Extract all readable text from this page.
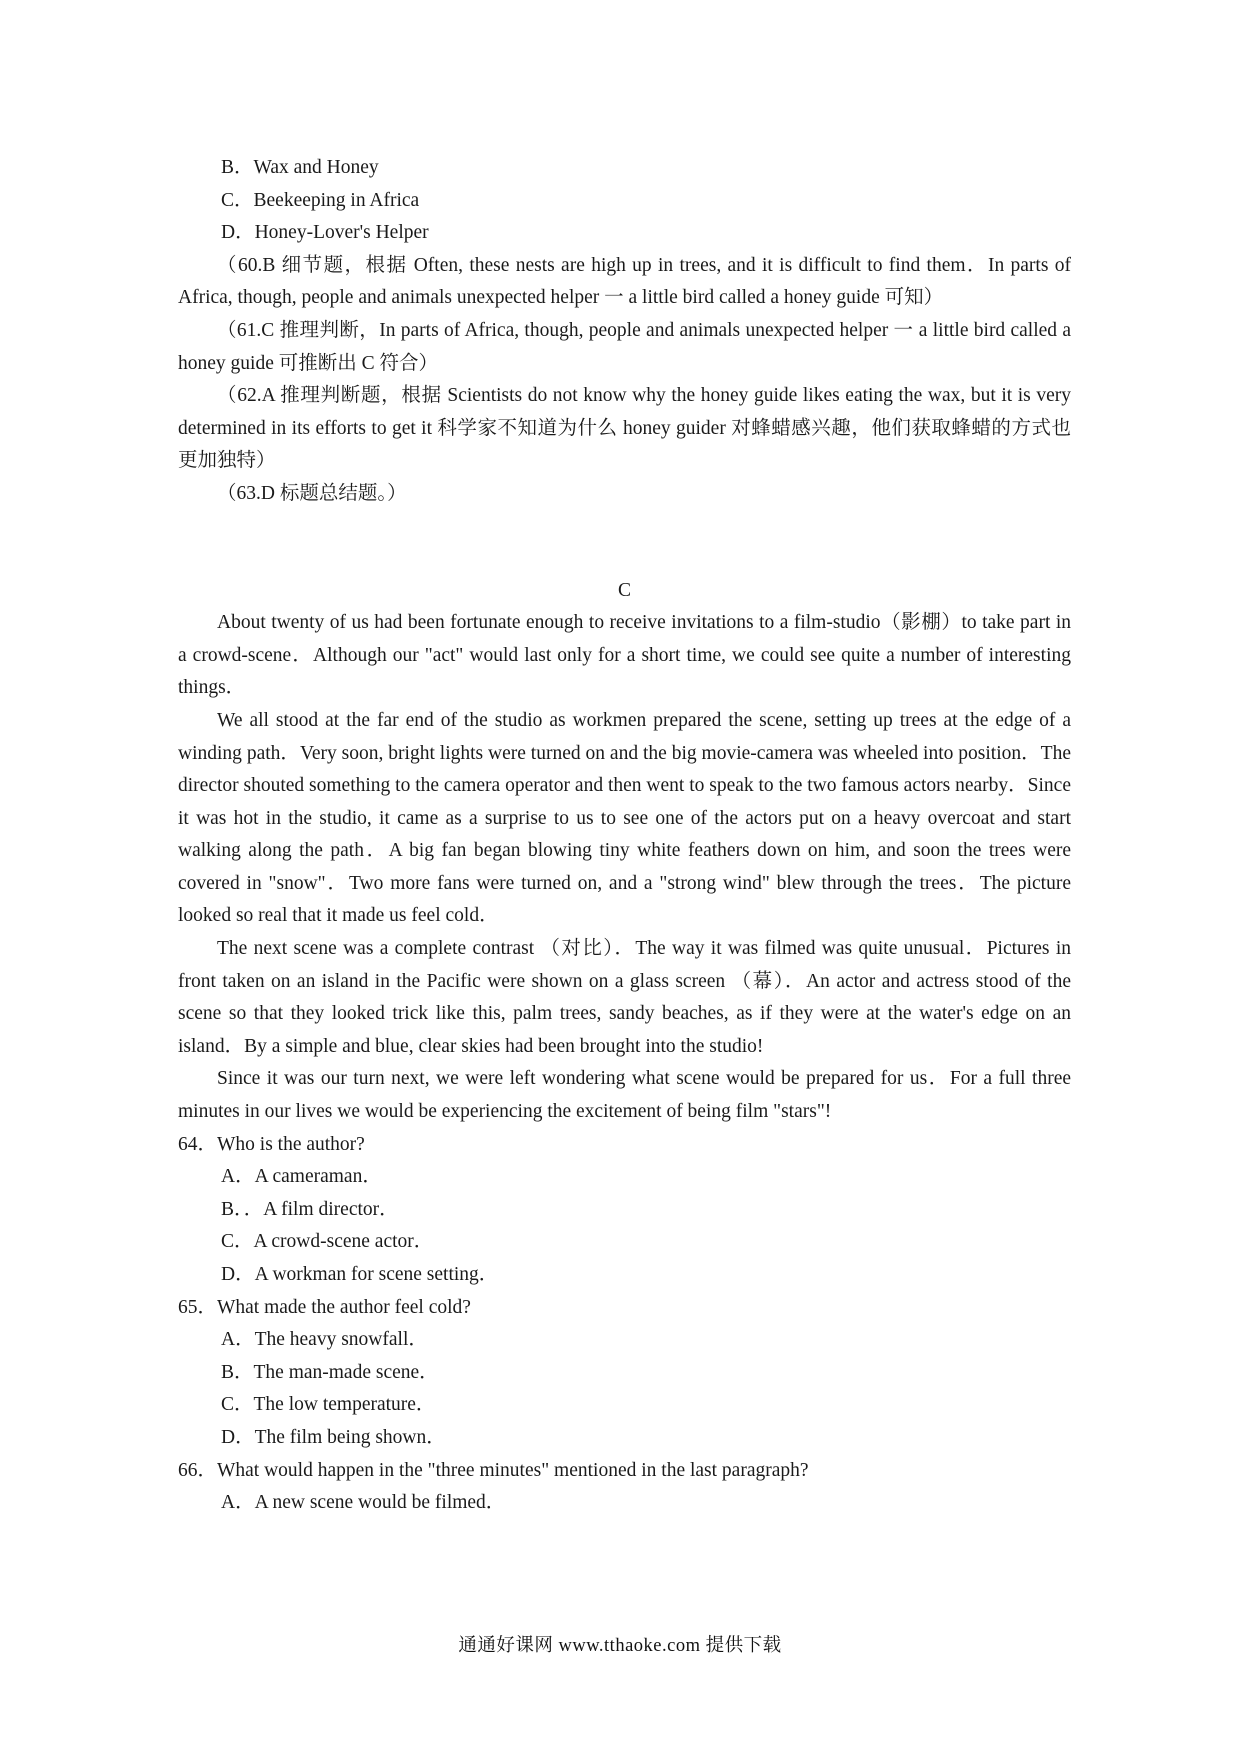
B．Wax and Honey
C．Beekeeping in Africa
D．Honey-Lover's Helper

（60.B 细节题，根据 Often, these nests are high up in trees, and it is difficult to find them．In parts of Africa, though, people and animals unexpected helper 一 a little bird called a honey guide 可知）

（61.C 推理判断，In parts of Africa, though, people and animals unexpected helper 一 a little bird called a honey guide 可推断出 C 符合）

（62.A 推理判断题，根据 Scientists do not know why the honey guide likes eating the wax, but it is very determined in its efforts to get it 科学家不知道为什么 honey guider 对蜂蜡感兴趣，他们获取蜂蜡的方式也更加独特）

（63.D 标题总结题。）

C

About twenty of us had been fortunate enough to receive invitations to a film-studio（影棚）to take part in a crowd-scene．Although our "act" would last only for a short time, we could see quite a number of interesting things．

We all stood at the far end of the studio as workmen prepared the scene, setting up trees at the edge of a winding path．Very soon, bright lights were turned on and the big movie-camera was wheeled into position．The director shouted something to the camera operator and then went to speak to the two famous actors nearby．Since it was hot in the studio, it came as a surprise to us to see one of the actors put on a heavy overcoat and start walking along the path．A big fan began blowing tiny white feathers down on him, and soon the trees were covered in "snow"．Two more fans were turned on, and a "strong wind" blew through the trees．The picture looked so real that it made us feel cold．

The next scene was a complete contrast （对比）．The way it was filmed was quite unusual．Pictures in front taken on an island in the Pacific were shown on a glass screen （幕）．An actor and actress stood of the scene so that they looked trick like this, palm trees, sandy beaches, as if they were at the water's edge on an island．By a simple and blue, clear skies had been brought into the studio!

Since it was our turn next, we were left wondering what scene would be prepared for us．For a full three minutes in our lives we would be experiencing the excitement of being film "stars"!

64．Who is the author?
A．A cameraman．
B．．A film director．
C．A crowd-scene actor．
D．A workman for scene setting．
65．What made the author feel cold?
A．The heavy snowfall．
B．The man-made scene．
C．The low temperature．
D．The film being shown．
66．What would happen in the "three minutes" mentioned in the last paragraph?
A．A new scene would be filmed．
通通好课网 www.tthaoke.com 提供下载
